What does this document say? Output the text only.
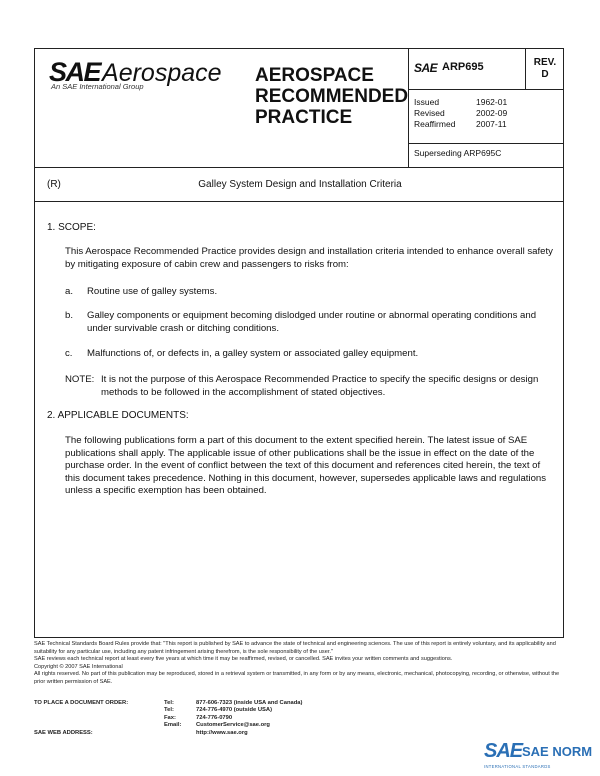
SAEAerospace
An SAE International Group
AEROSPACE
RECOMMENDED
PRACTICE
SAE ARP695	REV.
D
Issued	1962-01
Revised	2002-09
Reaffirmed	2007-11
Superseding ARP695C
(R)	Galley System Design and Installation Criteria
1. SCOPE:
This Aerospace Recommended Practice provides design and installation criteria intended to enhance overall safety by mitigating exposure of cabin crew and passengers to risks from:
a. Routine use of galley systems.
b. Galley components or equipment becoming dislodged under routine or abnormal operating conditions and under survivable crash or ditching conditions.
c. Malfunctions of, or defects in, a galley system or associated galley equipment.
NOTE: It is not the purpose of this Aerospace Recommended Practice to specify the specific designs or design methods to be followed in the accomplishment of stated objectives.
2. APPLICABLE DOCUMENTS:
The following publications form a part of this document to the extent specified herein. The latest issue of SAE publications shall apply. The applicable issue of other publications shall be the issue in effect on the date of the purchase order. In the event of conflict between the text of this document and references cited herein, the text of this document takes precedence. Nothing in this document, however, supersedes applicable laws and regulations unless a specific exemption has been obtained.

SAE Technical Standards Board Rules provide that: "This report is published by SAE to advance the state of technical and engineering sciences. The use of this report is entirely voluntary, and its applicability and suitability for any particular use, including any patent infringement arising therefrom, is the sole responsibility of the user."

SAE reviews each technical report at least every five years at which time it may be reaffirmed, revised, or cancelled. SAE invites your written comments and suggestions.

Copyright © 2007 SAE International

All rights reserved. No part of this publication may be reproduced, stored in a retrieval system or transmitted, in any form or by any means, electronic, mechanical, photocopying, recording, or otherwise, without the prior written permission of SAE.

TO PLACE A DOCUMENT ORDER:	Tel:	877-606-7323 (inside USA and Canada)
Tel:	724-776-4970 (outside USA)
Fax:	724-776-0790
Email:	CustomerService@sae.org
SAE WEB ADDRESS:	http://www.sae.org
SAE SAE NORM
INTERNATIONAL STANDARDS
